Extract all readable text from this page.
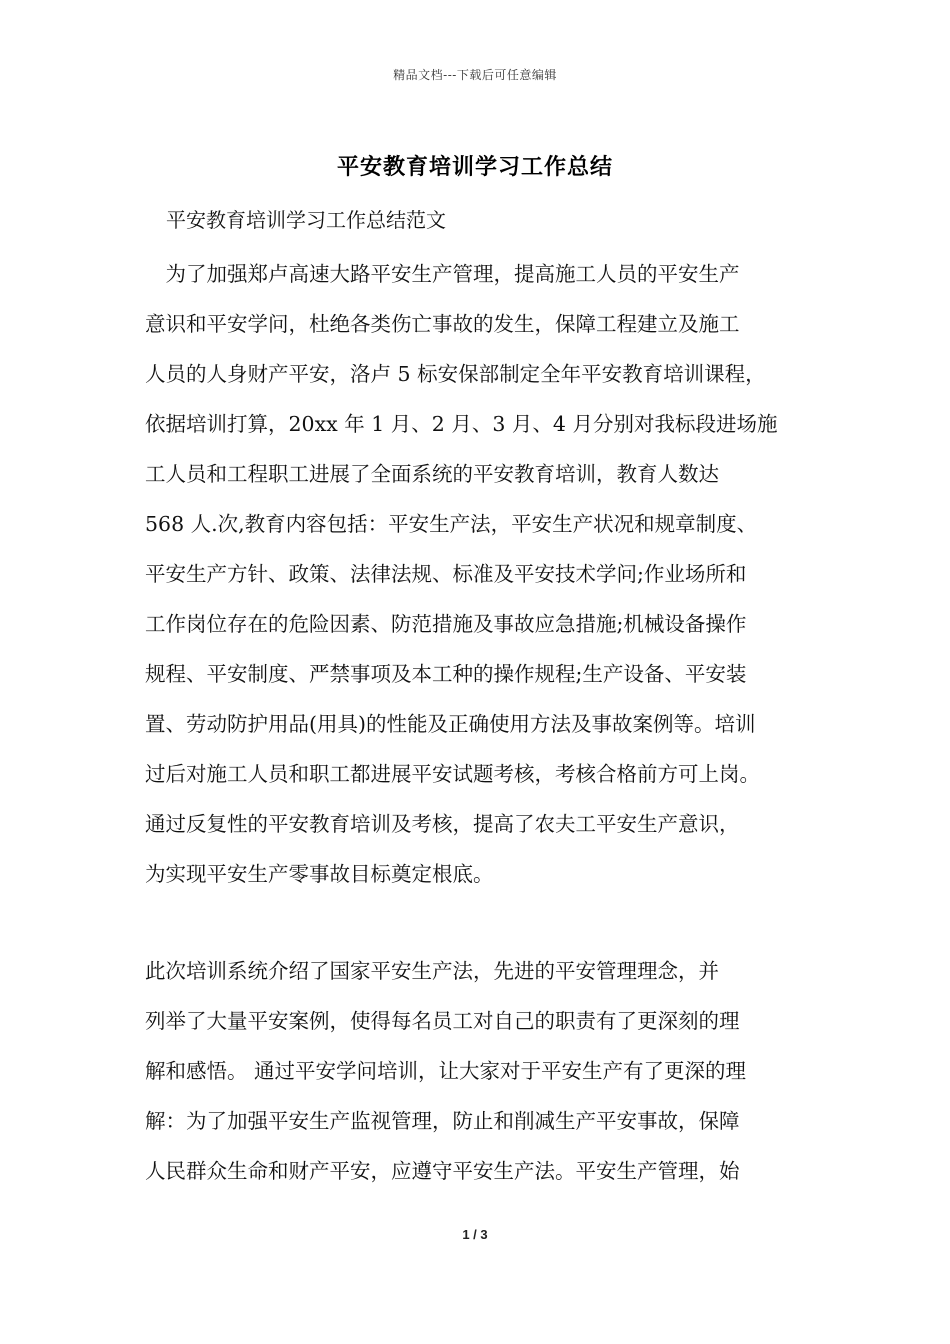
精品文档---下载后可任意编辑
平安教育培训学习工作总结
平安教育培训学习工作总结范文
　为了加强郑卢高速大路平安生产管理，提高施工人员的平安生产
意识和平安学问，杜绝各类伤亡事故的发生，保障工程建立及施工
人员的人身财产平安，洛卢 5 标安保部制定全年平安教育培训课程，
依据培训打算，20xx 年 1 月、2 月、3 月、4 月分别对我标段进场施
工人员和工程职工进展了全面系统的平安教育培训，教育人数达
568 人.次,教育内容包括：平安生产法，平安生产状况和规章制度、
平安生产方针、政策、法律法规、标准及平安技术学问;作业场所和
工作岗位存在的危险因素、防范措施及事故应急措施;机械设备操作
规程、平安制度、严禁事项及本工种的操作规程;生产设备、平安装
置、劳动防护用品(用具)的性能及正确使用方法及事故案例等。培训
过后对施工人员和职工都进展平安试题考核，考核合格前方可上岗。
通过反复性的平安教育培训及考核，提高了农夫工平安生产意识，
为实现平安生产零事故目标奠定根底。
此次培训系统介绍了国家平安生产法，先进的平安管理理念，并
列举了大量平安案例，使得每名员工对自己的职责有了更深刻的理
解和感悟。 通过平安学问培训，让大家对于平安生产有了更深的理
解：为了加强平安生产监视管理，防止和削减生产平安事故，保障
人民群众生命和财产平安，应遵守平安生产法。平安生产管理，始
1 / 3
